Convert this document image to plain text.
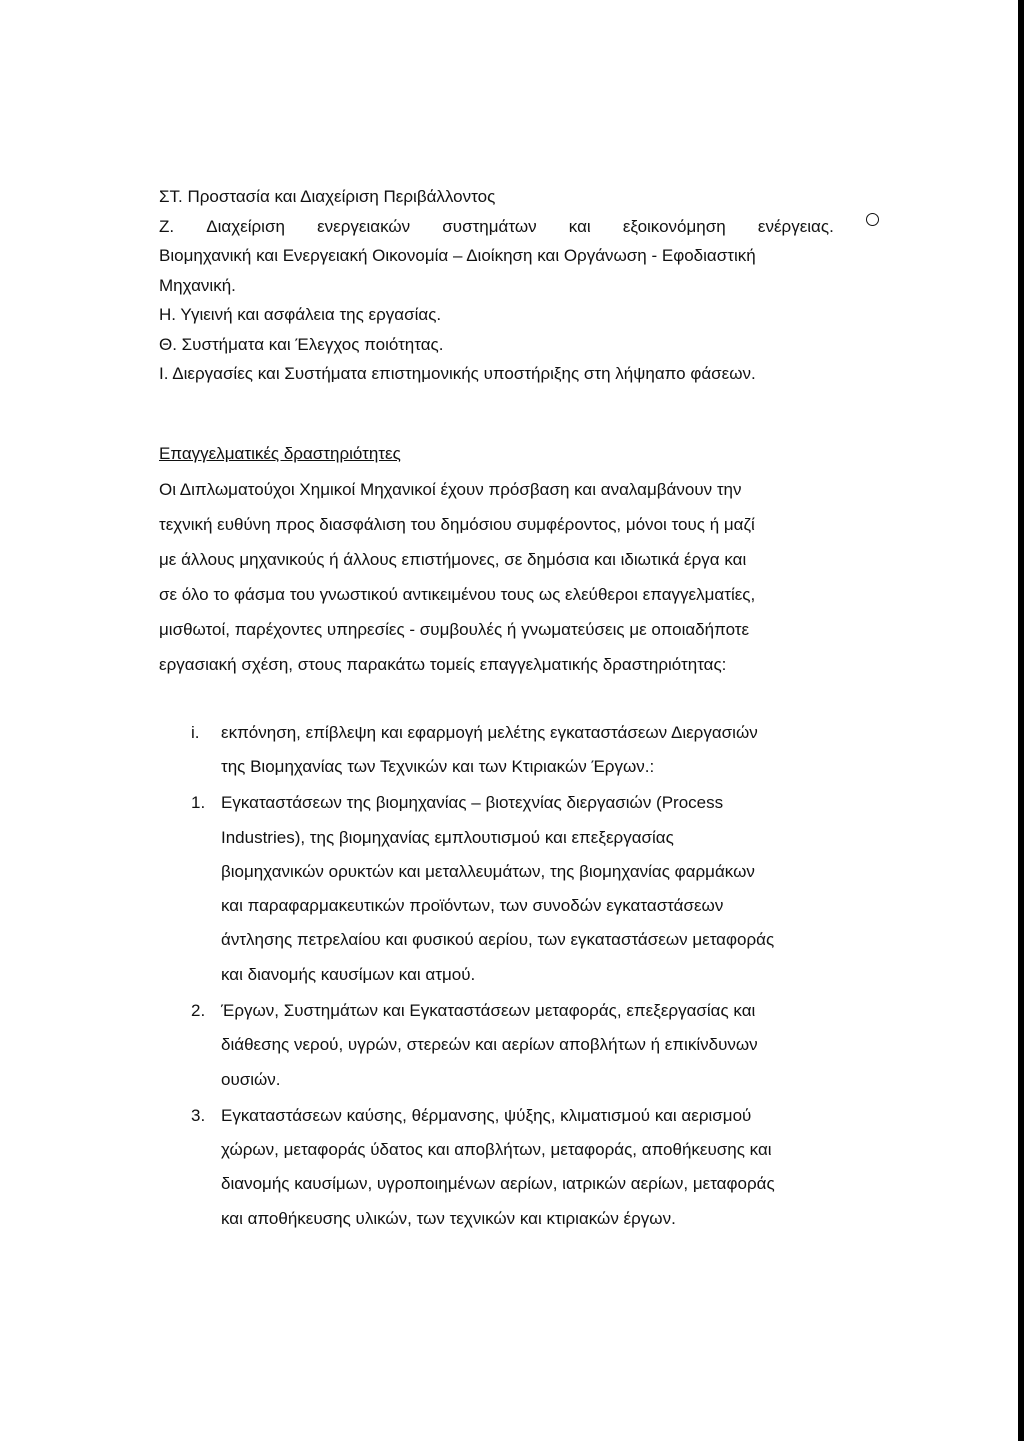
ΣΤ. Προστασία και Διαχείριση Περιβάλλοντος
Ζ. Διαχείριση ενεργειακών συστημάτων και εξοικονόμηση ενέργειας.
Βιομηχανική και Ενεργειακή Οικονομία – Διοίκηση και Οργάνωση - Εφοδιαστική
Μηχανική.
Η. Υγιεινή και ασφάλεια της εργασίας.
Θ. Συστήματα και Έλεγχος ποιότητας.
Ι. Διεργασίες και Συστήματα επιστημονικής υποστήριξης στη λήψηαπο φάσεων.
Επαγγελματικές δραστηριότητες
Οι Διπλωματούχοι Χημικοί Μηχανικοί έχουν πρόσβαση και αναλαμβάνουν την
τεχνική ευθύνη προς διασφάλιση του δημόσιου συμφέροντος, μόνοι τους ή μαζί
με άλλους μηχανικούς ή άλλους επιστήμονες, σε δημόσια και ιδιωτικά έργα και
σε όλο το φάσμα του γνωστικού αντικειμένου τους ως ελεύθεροι επαγγελματίες,
μισθωτοί, παρέχοντες υπηρεσίες - συμβουλές ή γνωματεύσεις με οποιαδήποτε
εργασιακή σχέση, στους παρακάτω τομείς επαγγελματικής δραστηριότητας:
i. εκπόνηση, επίβλεψη και εφαρμογή μελέτης εγκαταστάσεων Διεργασιών
της Βιομηχανίας των Τεχνικών και των Κτιριακών Έργων.:
1. Εγκαταστάσεων της βιομηχανίας – βιοτεχνίας διεργασιών (Process
Industries), της βιομηχανίας εμπλουτισμού και επεξεργασίας
βιομηχανικών ορυκτών και μεταλλευμάτων, της βιομηχανίας φαρμάκων
και παραφαρμακευτικών προϊόντων, των συνοδών εγκαταστάσεων
άντλησης πετρελαίου και φυσικού αερίου, των εγκαταστάσεων μεταφοράς
και διανομής καυσίμων και ατμού.
2. Έργων, Συστημάτων και Εγκαταστάσεων μεταφοράς, επεξεργασίας και
διάθεσης νερού, υγρών, στερεών και αερίων αποβλήτων ή επικίνδυνων
ουσιών.
3. Εγκαταστάσεων καύσης, θέρμανσης, ψύξης, κλιματισμού και αερισμού
χώρων, μεταφοράς ύδατος και αποβλήτων, μεταφοράς, αποθήκευσης και
διανομής καυσίμων, υγροποιημένων αερίων, ιατρικών αερίων, μεταφοράς
και αποθήκευσης υλικών, των τεχνικών και κτιριακών έργων.
